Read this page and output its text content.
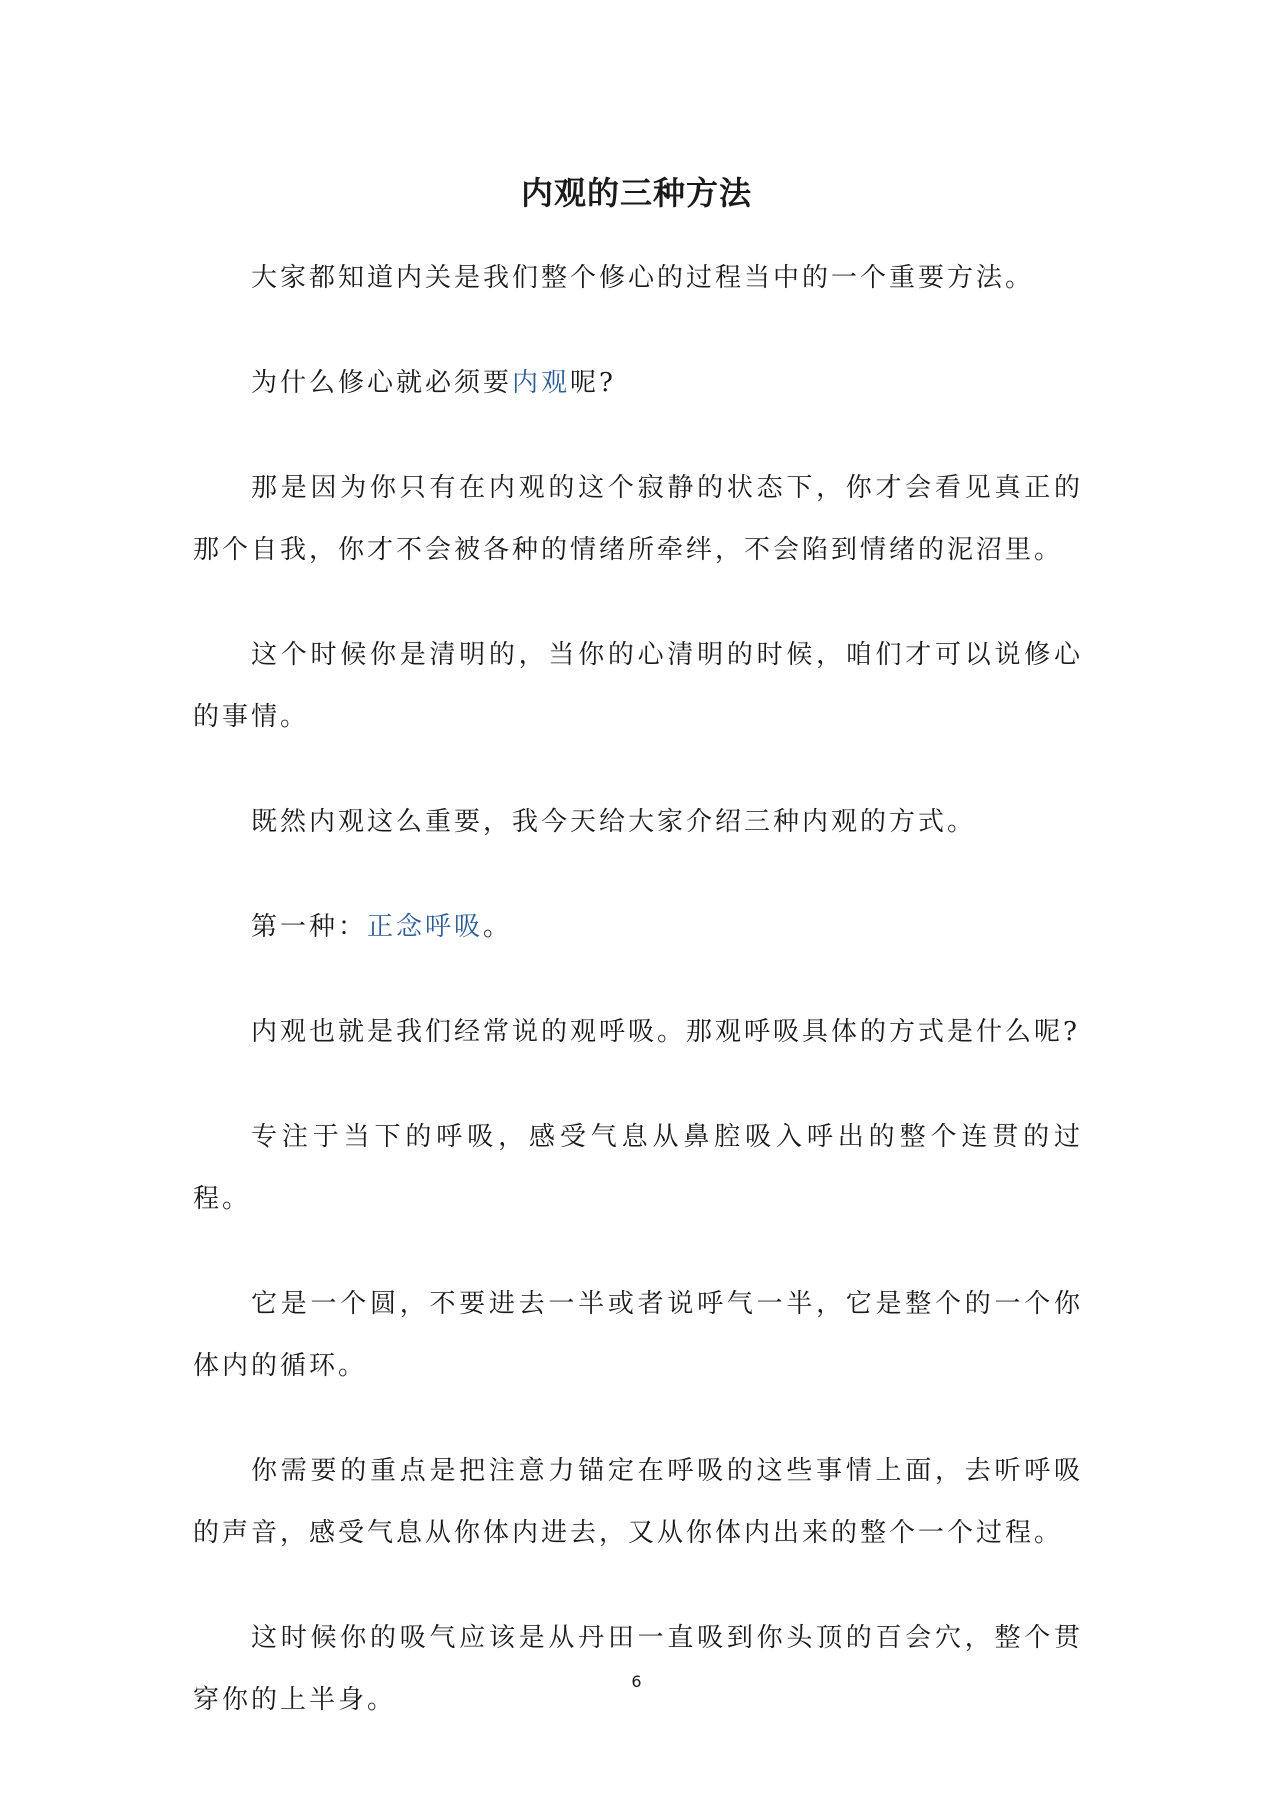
内观的三种方法

大家都知道内关是我们整个修心的过程当中的一个重要方法。

为什么修心就必须要内观呢?

那是因为你只有在内观的这个寂静的状态下，你才会看见真正的那个自我，你才不会被各种的情绪所牵绊，不会陷到情绪的泥沼里。

这个时候你是清明的，当你的心清明的时候，咱们才可以说修心的事情。

既然内观这么重要，我今天给大家介绍三种内观的方式。

第一种：正念呼吸。

内观也就是我们经常说的观呼吸。那观呼吸具体的方式是什么呢?

专注于当下的呼吸，感受气息从鼻腔吸入呼出的整个连贯的过程。

它是一个圆，不要进去一半或者说呼气一半，它是整个的一个你体内的循环。

你需要的重点是把注意力锚定在呼吸的这些事情上面，去听呼吸的声音，感受气息从你体内进去，又从你体内出来的整个一个过程。

这时候你的吸气应该是从丹田一直吸到你头顶的百会穴，整个贯穿你的上半身。

6
